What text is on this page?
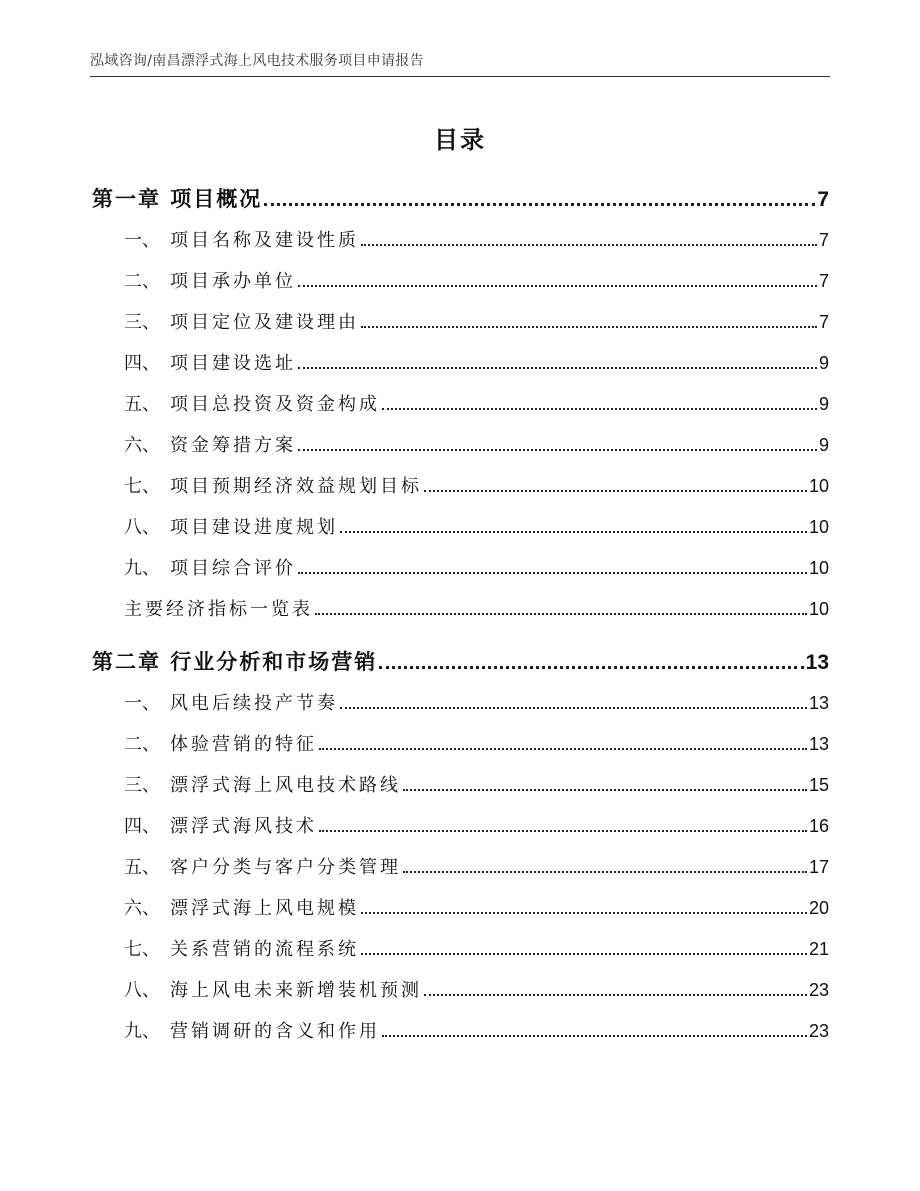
泓域咨询/南昌漂浮式海上风电技术服务项目申请报告
目录
第一章 项目概况	7
一、 项目名称及建设性质	7
二、 项目承办单位	7
三、 项目定位及建设理由	7
四、 项目建设选址	9
五、 项目总投资及资金构成	9
六、 资金筹措方案	9
七、 项目预期经济效益规划目标	10
八、 项目建设进度规划	10
九、 项目综合评价	10
主要经济指标一览表	10
第二章 行业分析和市场营销	13
一、 风电后续投产节奏	13
二、 体验营销的特征	13
三、 漂浮式海上风电技术路线	15
四、 漂浮式海风技术	16
五、 客户分类与客户分类管理	17
六、 漂浮式海上风电规模	20
七、 关系营销的流程系统	21
八、 海上风电未来新增装机预测	23
九、 营销调研的含义和作用	23
